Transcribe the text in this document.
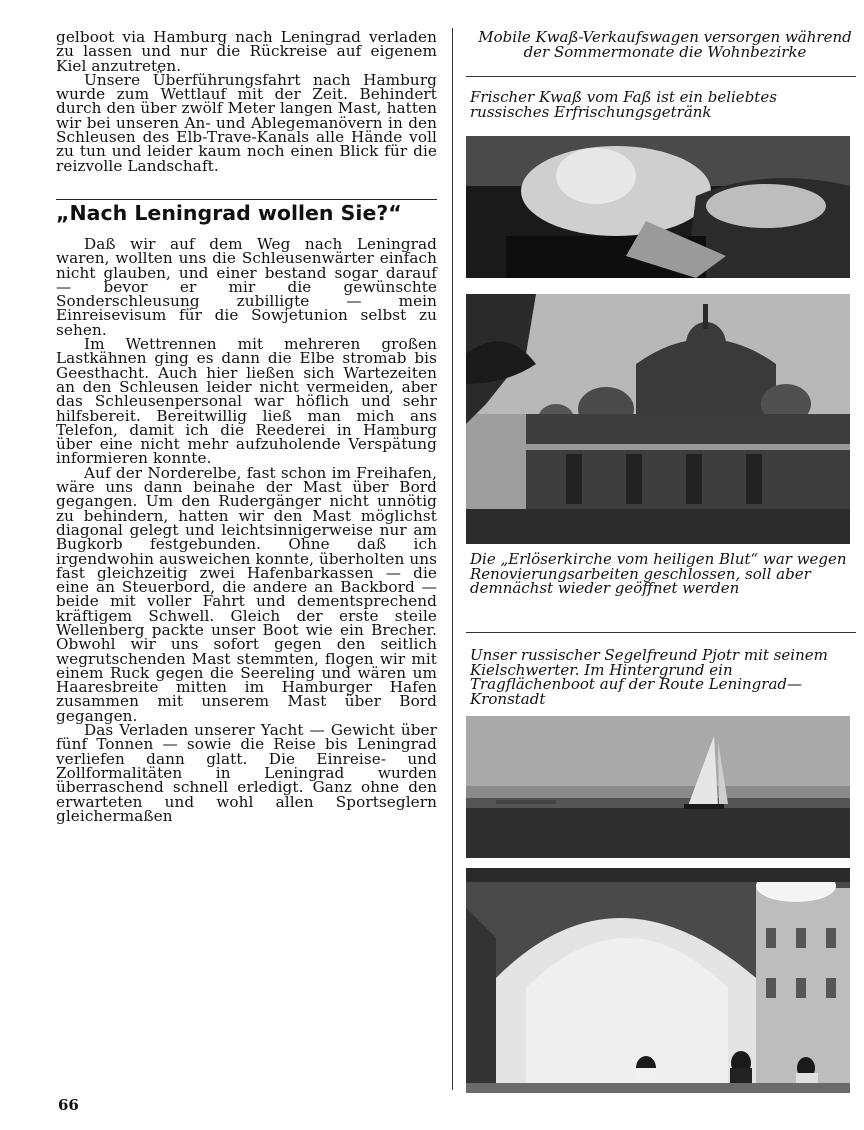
gelboot via Hamburg nach Leningrad verladen zu lassen und nur die Rückreise auf eigenem Kiel anzutreten.

Unsere Überführungsfahrt nach Hamburg wurde zum Wettlauf mit der Zeit. Behindert durch den über zwölf Meter langen Mast, hatten wir bei unseren An- und Ablegemanövern in den Schleusen des Elb-Trave-Kanals alle Hände voll zu tun und leider kaum noch einen Blick für die reizvolle Landschaft.

„Nach Leningrad wollen Sie?“

Daß wir auf dem Weg nach Leningrad waren, wollten uns die Schleusenwärter einfach nicht glauben, und einer bestand sogar darauf — bevor er mir die gewünschte Sonderschleusung zubilligte — mein Einreisevisum für die Sowjetunion selbst zu sehen.

Im Wettrennen mit mehreren großen Lastkähnen ging es dann die Elbe stromab bis Geesthacht. Auch hier ließen sich Wartezeiten an den Schleusen leider nicht vermeiden, aber das Schleusenpersonal war höflich und sehr hilfsbereit. Bereitwillig ließ man mich ans Telefon, damit ich die Reederei in Hamburg über eine nicht mehr aufzuholende Verspätung informieren konnte.

Auf der Norderelbe, fast schon im Freihafen, wäre uns dann beinahe der Mast über Bord gegangen. Um den Rudergänger nicht unnötig zu behindern, hatten wir den Mast möglichst diagonal gelegt und leichtsinnigerweise nur am Bugkorb festgebunden. Ohne daß ich irgendwohin ausweichen konnte, überholten uns fast gleichzeitig zwei Hafenbarkassen — die eine an Steuerbord, die andere an Backbord — beide mit voller Fahrt und dementsprechend kräftigem Schwell. Gleich der erste steile Wellenberg packte unser Boot wie ein Brecher. Obwohl wir uns sofort gegen den seitlich wegrutschenden Mast stemmten, flogen wir mit einem Ruck gegen die Seereling und wären um Haaresbreite mitten im Hamburger Hafen zusammen mit unserem Mast über Bord gegangen.

Das Verladen unserer Yacht — Gewicht über fünf Tonnen — sowie die Reise bis Leningrad verliefen dann glatt. Die Einreise- und Zollformalitäten in Leningrad wurden überraschend schnell erledigt. Ganz ohne den erwarteten und wohl allen Sportseglern gleichermaßen

66

Mobile Kwaß-Verkaufswagen versorgen während der Sommermonate die Wohnbezirke

Frischer Kwaß vom Faß ist ein beliebtes russisches Erfrischungsgetränk

Die „Erlöserkirche vom heiligen Blut“ war wegen Renovierungsarbeiten geschlossen, soll aber demnächst wieder geöffnet werden

Unser russischer Segelfreund Pjotr mit seinem Kielschwerter. Im Hintergrund ein Tragflächenboot auf der Route Leningrad—Kronstadt
